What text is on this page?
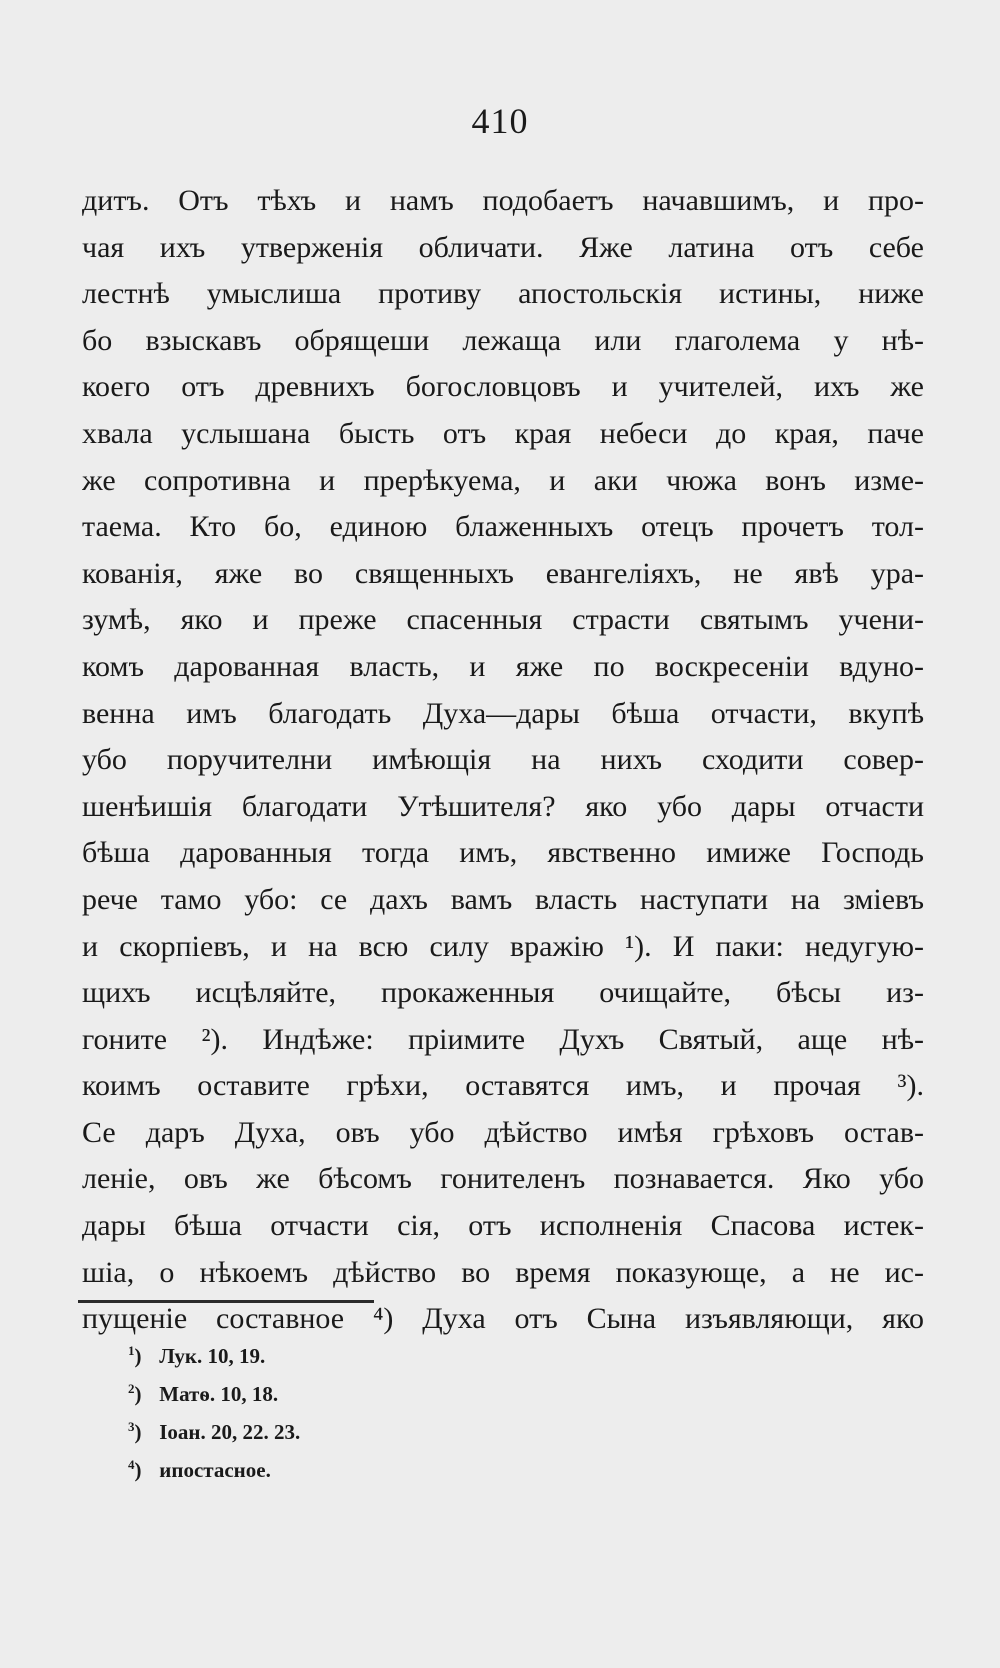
410
дитъ. Отъ тѣхъ и намъ подобаетъ начавшимъ, и про-
чая ихъ утверженія обличати. Яже латина отъ себе
лестнѣ умыслиша противу апостольскія истины, ниже
бо взыскавъ обрящеши лежаща или глаголема у нѣ-
коего отъ древнихъ богословцовъ и учителей, ихъ же
хвала услышана бысть отъ края небеси до края, паче
же сопротивна и прерѣкуема, и аки чюжа вонъ изме-
таема. Кто бо, единою блаженныхъ отецъ прочетъ тол-
кованія, яже во священныхъ евангеліяхъ, не явѣ ура-
зумѣ, яко и преже спасенныя страсти святымъ учени-
комъ дарованная власть, и яже по воскресеніи вдуно-
венна имъ благодать Духа—дары бѣша отчасти, вкупѣ
убо поручителни имѣющія на нихъ сходити совер-
шенѣишія благодати Утѣшителя? яко убо дары отчасти
бѣша дарованныя тогда имъ, явственно имиже Господь
рече тамо убо: се дахъ вамъ власть наступати на зміевъ
и скорпіевъ, и на всю силу вражію ¹). И паки: недугую-
щихъ исцѣляйте, прокаженныя очищайте, бѣсы из-
гоните ²). Индѣже: пріимите Духъ Святый, аще нѣ-
коимъ оставите грѣхи, оставятся имъ, и прочая ³).
Се даръ Духа, овъ убо дѣйство имѣя грѣховъ остав-
леніе, овъ же бѣсомъ гонителенъ познавается. Яко убо
дары бѣша отчасти сія, отъ исполненія Спасова истек-
шіа, о нѣкоемъ дѣйство во время показующе, а не ис-
пущеніе составное ⁴) Духа отъ Сына изъявляющи, яко
$^1$) Лук. 10, 19.
$^2$) Матѳ. 10, 18.
$^3$) Іоан. 20, 22. 23.
$^4$) ипостасное.
